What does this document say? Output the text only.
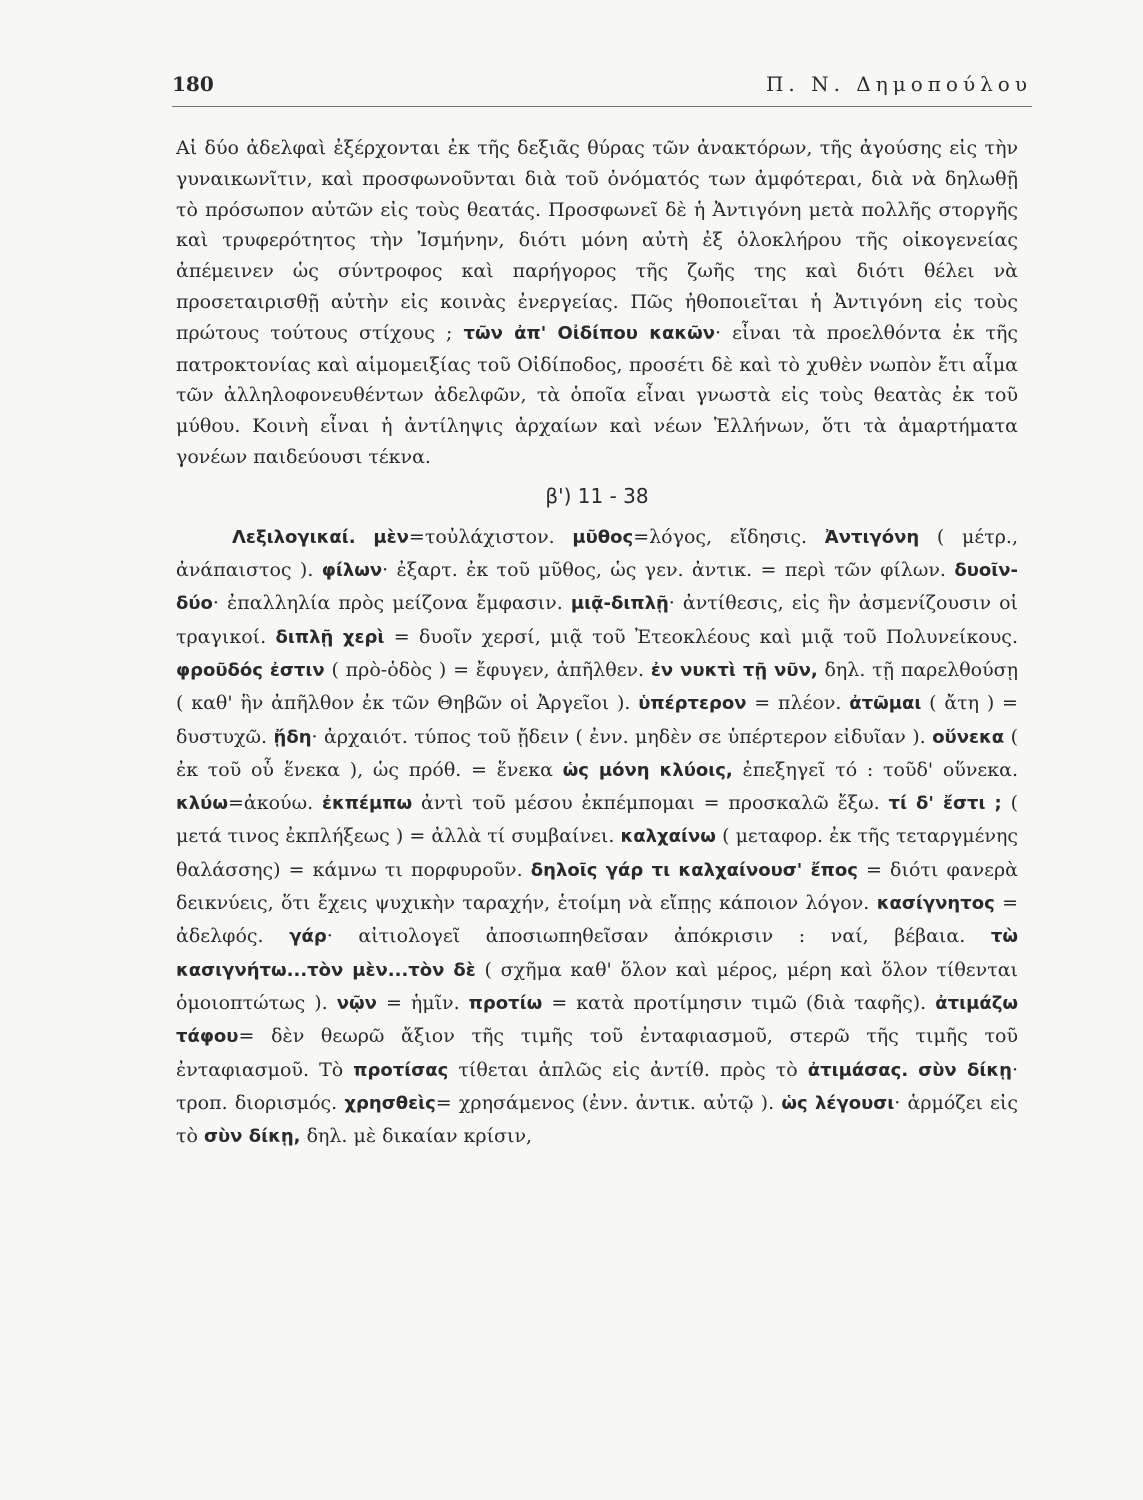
180	Π. Ν. Δημοπούλου

Αἱ δύο ἀδελφαὶ ἐξέρχονται ἐκ τῆς δεξιᾶς θύρας τῶν ἀνακτόρων, τῆς ἀγούσης εἰς τὴν γυναικωνῖτιν, καὶ προσφωνοῦνται διὰ τοῦ ὀνόματός των ἀμφότεραι, διὰ νὰ δηλωθῇ τὸ πρόσωπον αὐτῶν εἰς τοὺς θεατάς. Προσφωνεῖ δὲ ἡ Ἀντιγόνη μετὰ πολλῆς στοργῆς καὶ τρυφερότητος τὴν Ἰσμήνην, διότι μόνη αὐτὴ ἐξ ὁλοκλήρου τῆς οἰκογενείας ἀπέμεινεν ὡς σύντροφος καὶ παρήγορος τῆς ζωῆς της καὶ διότι θέλει νὰ προσεταιρισθῇ αὐτὴν εἰς κοινὰς ἐνεργείας. Πῶς ἠθοποιεῖται ἡ Ἀντιγόνη εἰς τοὺς πρώτους τούτους στίχους ; τῶν ἀπ' Οἰδίπου κακῶν· εἶναι τὰ προελθόντα ἐκ τῆς πατροκτονίας καὶ αἱμομειξίας τοῦ Οἰδίποδος, προσέτι δὲ καὶ τὸ χυθὲν νωπὸν ἔτι αἷμα τῶν ἀλληλοφονευθέντων ἀδελφῶν, τὰ ὁποῖα εἶναι γνωστὰ εἰς τοὺς θεατὰς ἐκ τοῦ μύθου. Κοινὴ εἶναι ἡ ἀντίληψις ἀρχαίων καὶ νέων Ἑλλήνων, ὅτι τὰ ἁμαρτήματα γονέων παιδεύουσι τέκνα.

β') 11 - 38

Λεξιλογικαί. μὲν=τοὐλάχιστον. μῦθος=λόγος, εἴδησις. Ἀντιγόνη ( μέτρ., ἀνάπαιστος ). φίλων· ἐξαρτ. ἐκ τοῦ μῦθος, ὡς γεν. ἀντικ. = περὶ τῶν φίλων. δυοῖν-δύο· ἐπαλληλία πρὸς μείζονα ἔμφασιν. μιᾷ-διπλῇ· ἀντίθεσις, εἰς ἣν ἀσμενίζουσιν οἱ τραγικοί. διπλῇ χερὶ = δυοῖν χερσί, μιᾷ τοῦ Ἐτεοκλέους καὶ μιᾷ τοῦ Πολυνείκους. φροῦδός ἐστιν ( πρὸ-ὁδὸς ) = ἔφυγεν, ἀπῆλθεν. ἐν νυκτὶ τῇ νῦν, δηλ. τῇ παρελθούσῃ ( καθ' ἣν ἀπῆλθον ἐκ τῶν Θηβῶν οἱ Ἀργεῖοι ). ὑπέρτερον = πλέον. ἀτῶμαι ( ἄτη ) = δυστυχῶ. ᾔδη· ἀρχαιότ. τύπος τοῦ ᾔδειν ( ἐνν. μηδὲν σε ὑπέρτερον εἰδυῖαν ). οὕνεκα ( ἐκ τοῦ οὗ ἕνεκα ), ὡς πρόθ. = ἕνεκα ὡς μόνη κλύοις, ἐπεξηγεῖ τό : τοῦδ' οὕνεκα. κλύω=ἀκούω. ἐκπέμπω ἀντὶ τοῦ μέσου ἐκπέμπομαι = προσκαλῶ ἔξω. τί δ' ἔστι ; ( μετά τινος ἐκπλήξεως ) = ἀλλὰ τί συμβαίνει. καλχαίνω ( μεταφορ. ἐκ τῆς τεταργμένης θαλάσσης) = κάμνω τι πορφυροῦν. δηλοῖς γάρ τι καλχαίνουσ' ἔπος = διότι φανερὰ δεικνύεις, ὅτι ἔχεις ψυχικὴν ταραχήν, ἑτοίμη νὰ εἴπῃς κάποιον λόγον. κασίγνητος = ἀδελφός. γάρ· αἰτιολογεῖ ἀποσιωπηθεῖσαν ἀπόκρισιν : ναί, βέβαια. τὼ κασιγνήτω...τὸν μὲν...τὸν δὲ ( σχῆμα καθ' ὅλον καὶ μέρος, μέρη καὶ ὅλον τίθενται ὁμοιοπτώτως ). νῷν = ἡμῖν. προτίω = κατὰ προτίμησιν τιμῶ (διὰ ταφῆς). ἀτιμάζω τάφου= δὲν θεωρῶ ἄξιον τῆς τιμῆς τοῦ ἐνταφιασμοῦ, στερῶ τῆς τιμῆς τοῦ ἐνταφιασμοῦ. Τὸ προτίσας τίθεται ἁπλῶς εἰς ἀντίθ. πρὸς τὸ ἀτιμάσας. σὺν δίκῃ· τροπ. διορισμός. χρησθεὶς= χρησάμενος (ἐνν. ἀντικ. αὐτῷ ). ὡς λέγουσι· ἁρμόζει εἰς τὸ σὺν δίκῃ, δηλ. μὲ δικαίαν κρίσιν,
